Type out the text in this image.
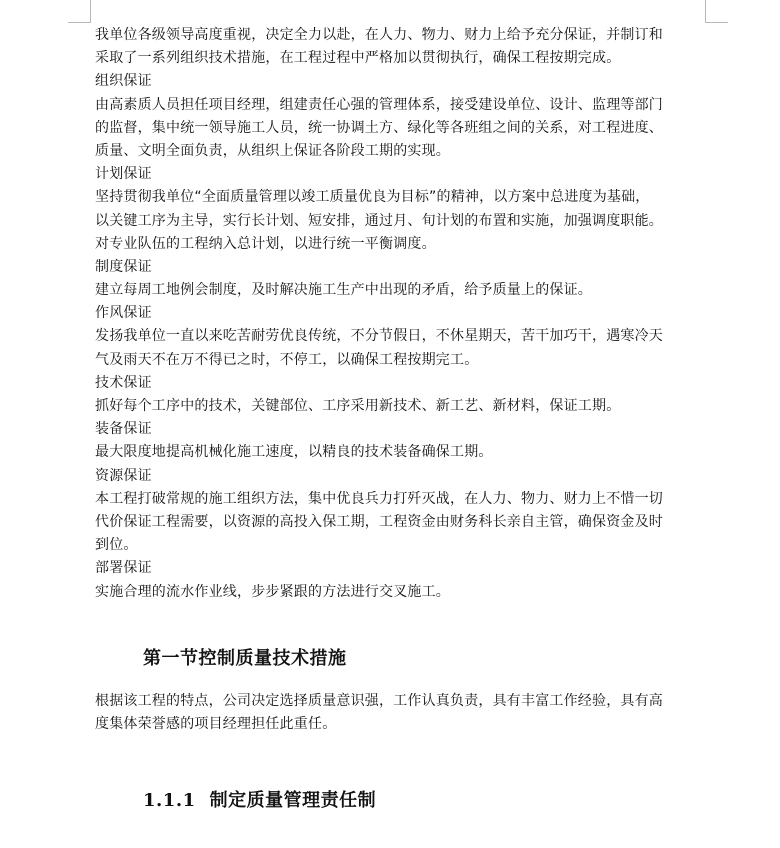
我单位各级领导高度重视，决定全力以赴，在人力、物力、财力上给予充分保证，并制订和
采取了一系列组织技术措施，在工程过程中严格加以贯彻执行，确保工程按期完成。
组织保证
由高素质人员担任项目经理，组建责任心强的管理体系，接受建设单位、设计、监理等部门
的监督，集中统一领导施工人员，统一协调土方、绿化等各班组之间的关系，对工程进度、
质量、文明全面负责，从组织上保证各阶段工期的实现。
计划保证
坚持贯彻我单位“全面质量管理以竣工质量优良为目标”的精神，以方案中总进度为基础，
以关键工序为主导，实行长计划、短安排，通过月、旬计划的布置和实施，加强调度职能。
对专业队伍的工程纳入总计划，以进行统一平衡调度。
制度保证
建立每周工地例会制度，及时解决施工生产中出现的矛盾，给予质量上的保证。
作风保证
发扬我单位一直以来吃苦耐劳优良传统，不分节假日，不休星期天，苦干加巧干，遇寒冷天
气及雨天不在万不得已之时，不停工，以确保工程按期完工。
技术保证
抓好每个工序中的技术，关键部位、工序采用新技术、新工艺、新材料，保证工期。
装备保证
最大限度地提高机械化施工速度，以精良的技术装备确保工期。
资源保证
本工程打破常规的施工组织方法，集中优良兵力打歼灭战，在人力、物力、财力上不惜一切
代价保证工程需要，以资源的高投入保工期，工程资金由财务科长亲自主管，确保资金及时
到位。
部署保证
实施合理的流水作业线，步步紧跟的方法进行交叉施工。
第一节控制质量技术措施
根据该工程的特点，公司决定选择质量意识强，工作认真负责，具有丰富工作经验，具有高
度集体荣誉感的项目经理担任此重任。
1.1.1 制定质量管理责任制
